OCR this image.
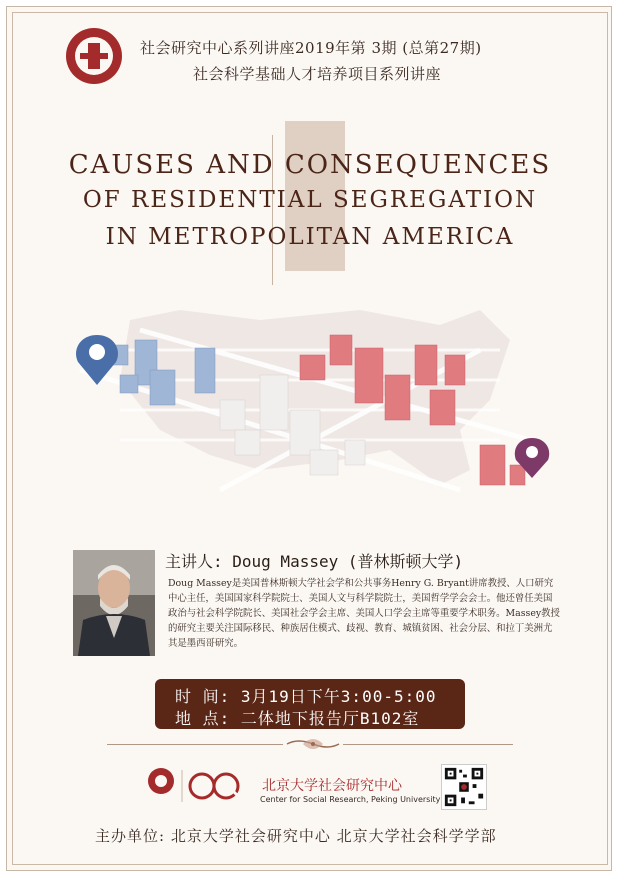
社会研究中心系列讲座2019年第 3期 (总第27期)
社会科学基础人才培养项目系列讲座
CAUSES AND CONSEQUENCES
OF RESIDENTIAL SEGREGATION
IN METROPOLITAN AMERICA
主讲人: Doug Massey (普林斯顿大学)
Doug Massey是美国普林斯顿大学社会学和公共事务Henry G. Bryant讲席教授、人口研究中心主任，美国国家科学院院士、美国人文与科学院院士，美国哲学学会会士。他还曾任美国政治与社会科学院院长、美国社会学会主席、美国人口学会主席等重要学术职务。Massey教授的研究主要关注国际移民、种族居住模式、歧视、教育、城镇贫困、社会分层、和拉丁美洲尤其是墨西哥研究。
时 间: 3月19日下午3:00-5:00
地 点: 二体地下报告厅B102室
北京大学社会研究中心
Center for Social Research, Peking University
主办单位: 北京大学社会研究中心 北京大学社会科学学部
